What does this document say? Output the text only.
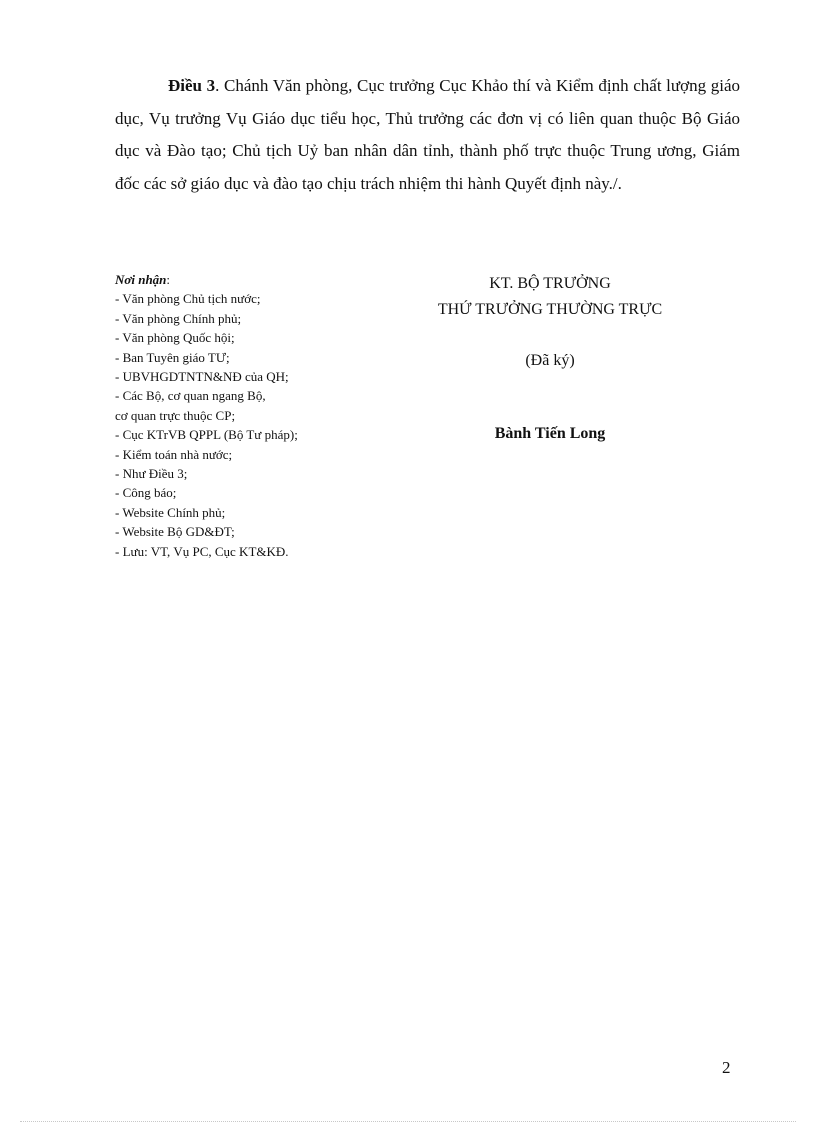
Điều 3. Chánh Văn phòng, Cục trưởng Cục Khảo thí và Kiểm định chất lượng giáo dục, Vụ trưởng Vụ Giáo dục tiểu học, Thủ trưởng các đơn vị có liên quan thuộc Bộ Giáo dục và Đào tạo; Chủ tịch Uỷ ban nhân dân tỉnh, thành phố trực thuộc Trung ương, Giám đốc các sở giáo dục và đào tạo chịu trách nhiệm thi hành Quyết định này./.
Nơi nhận:
- Văn phòng Chủ tịch nước;
- Văn phòng Chính phủ;
- Văn phòng Quốc hội;
- Ban Tuyên giáo TƯ;
- UBVHGDTNTN&NĐ của QH;
- Các Bộ, cơ quan ngang Bộ,
cơ quan trực thuộc CP;
- Cục KTrVB QPPL (Bộ Tư pháp);
- Kiểm toán nhà nước;
- Như Điều 3;
- Công báo;
- Website Chính phủ;
- Website Bộ GD&ĐT;
- Lưu: VT, Vụ PC, Cục KT&KĐ.
KT. BỘ TRƯỞNG
THỨ TRƯỞNG THƯỜNG TRỰC
(Đã ký)
Bành Tiến Long
2
